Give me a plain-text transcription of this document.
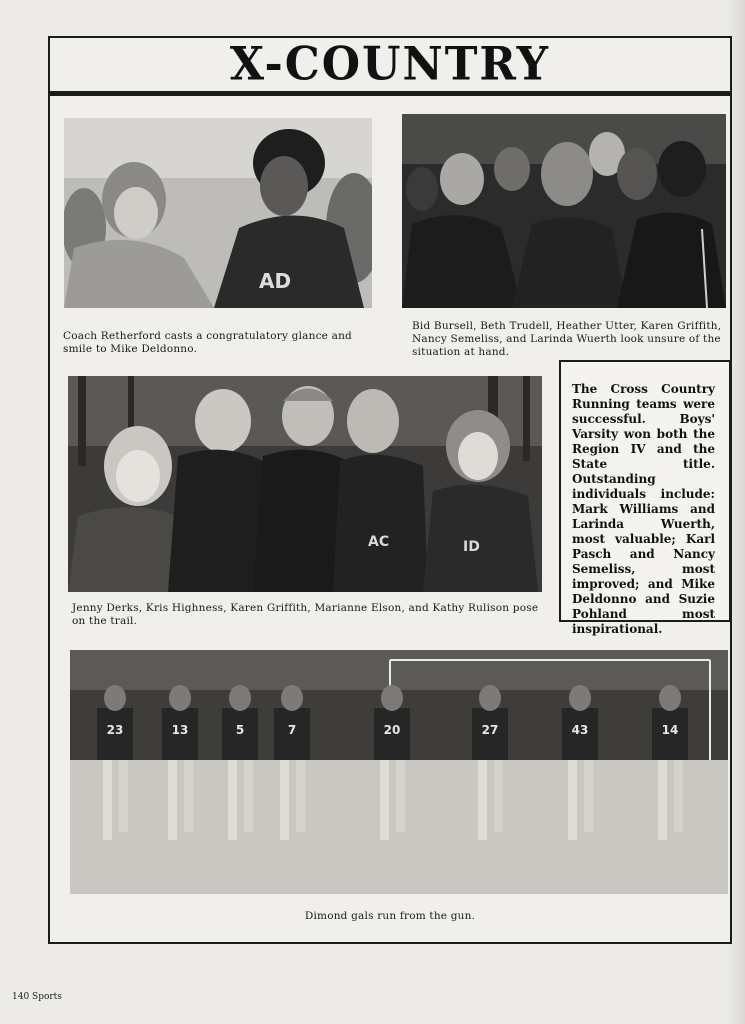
X-COUNTRY
AD
Coach Retherford casts a congratulatory glance and smile to Mike Deldonno.
Bid Bursell, Beth Trudell, Heather Utter, Karen Griffith, Nancy Semeliss, and Larinda Wuerth look unsure of the situation at hand.
AC	ID
Jenny Derks, Kris Highness, Karen Griffith, Marianne Elson, and Kathy Rulison pose on the trail.

The Cross Country Running teams were successful. Boys' Varsity won both the Region IV and the State title. Outstanding individuals include: Mark Williams and Larinda Wuerth, most valuable; Karl Pasch and Nancy Semeliss, most improved; and Mike Deldonno and Suzie Pohland most inspirational.

23	13	5	7	20	27	43	14
Dimond gals run from the gun.
140 Sports
